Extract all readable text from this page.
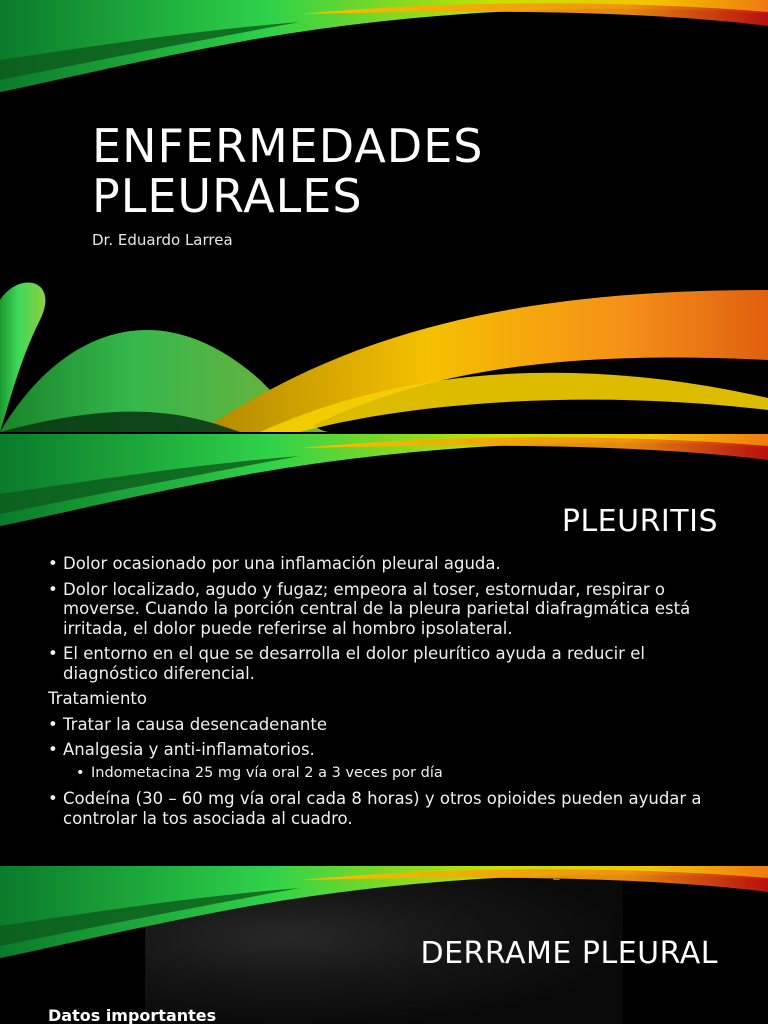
ENFERMEDADES
PLEURALES
Dr. Eduardo Larrea
PLEURITIS
• Dolor ocasionado por una inflamación pleural aguda.
• Dolor localizado, agudo y fugaz; empeora al toser, estornudar, respirar o moverse. Cuando la porción central de la pleura parietal diafragmática está irritada, el dolor puede referirse al hombro ipsolateral.
• El entorno en el que se desarrolla el dolor pleurítico ayuda a reducir el diagnóstico diferencial.
Tratamiento
• Tratar la causa desencadenante
• Analgesia y anti-inflamatorios.
• Indometacina 25 mg vía oral 2 a 3 veces por día
• Codeína (30 – 60 mg vía oral cada 8 horas) y otros opioides pueden ayudar a controlar la tos asociada al cuadro.
DERRAME PLEURAL
Datos importantes
